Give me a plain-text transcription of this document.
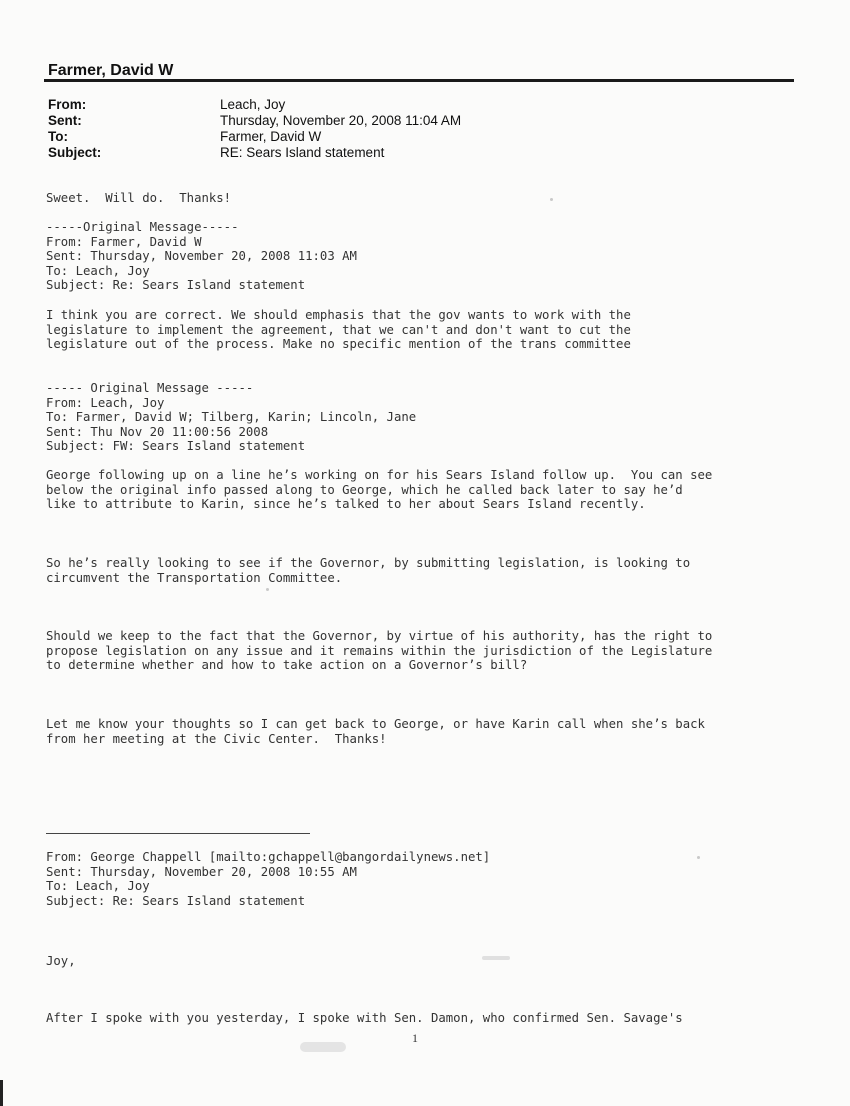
Farmer, David W
From:	Leach, Joy
Sent:	Thursday, November 20, 2008 11:04 AM
To:	Farmer, David W
Subject:	RE: Sears Island statement
Sweet.  Will do.  Thanks!
-----Original Message-----
From: Farmer, David W
Sent: Thursday, November 20, 2008 11:03 AM
To: Leach, Joy
Subject: Re: Sears Island statement
I think you are correct. We should emphasis that the gov wants to work with the
legislature to implement the agreement, that we can't and don't want to cut the
legislature out of the process. Make no specific mention of the trans committee
----- Original Message -----
From: Leach, Joy
To: Farmer, David W; Tilberg, Karin; Lincoln, Jane
Sent: Thu Nov 20 11:00:56 2008
Subject: FW: Sears Island statement
George following up on a line he’s working on for his Sears Island follow up.  You can see
below the original info passed along to George, which he called back later to say he’d
like to attribute to Karin, since he’s talked to her about Sears Island recently.
So he’s really looking to see if the Governor, by submitting legislation, is looking to
circumvent the Transportation Committee.
Should we keep to the fact that the Governor, by virtue of his authority, has the right to
propose legislation on any issue and it remains within the jurisdiction of the Legislature
to determine whether and how to take action on a Governor’s bill?
Let me know your thoughts so I can get back to George, or have Karin call when she’s back
from her meeting at the Civic Center.  Thanks!
From: George Chappell [mailto:gchappell@bangordailynews.net]
Sent: Thursday, November 20, 2008 10:55 AM
To: Leach, Joy
Subject: Re: Sears Island statement
Joy,
After I spoke with you yesterday, I spoke with Sen. Damon, who confirmed Sen. Savage's
1
